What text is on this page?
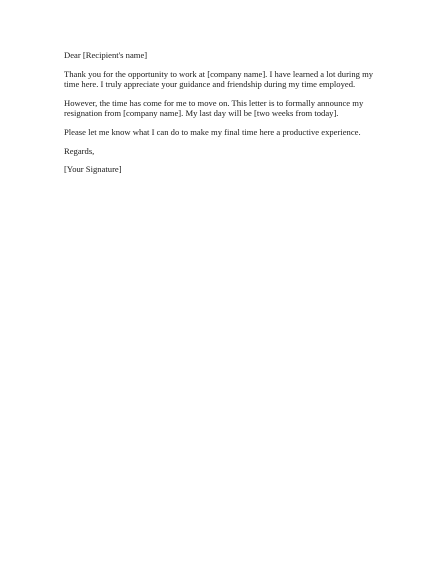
Dear [Recipient's name]

Thank you for the opportunity to work at [company name]. I have learned a lot during my
time here. I truly appreciate your guidance and friendship during my time employed.

However, the time has come for me to move on. This letter is to formally announce my
resignation from [company name]. My last day will be [two weeks from today].

Please let me know what I can do to make my final time here a productive experience.

Regards,

[Your Signature]
